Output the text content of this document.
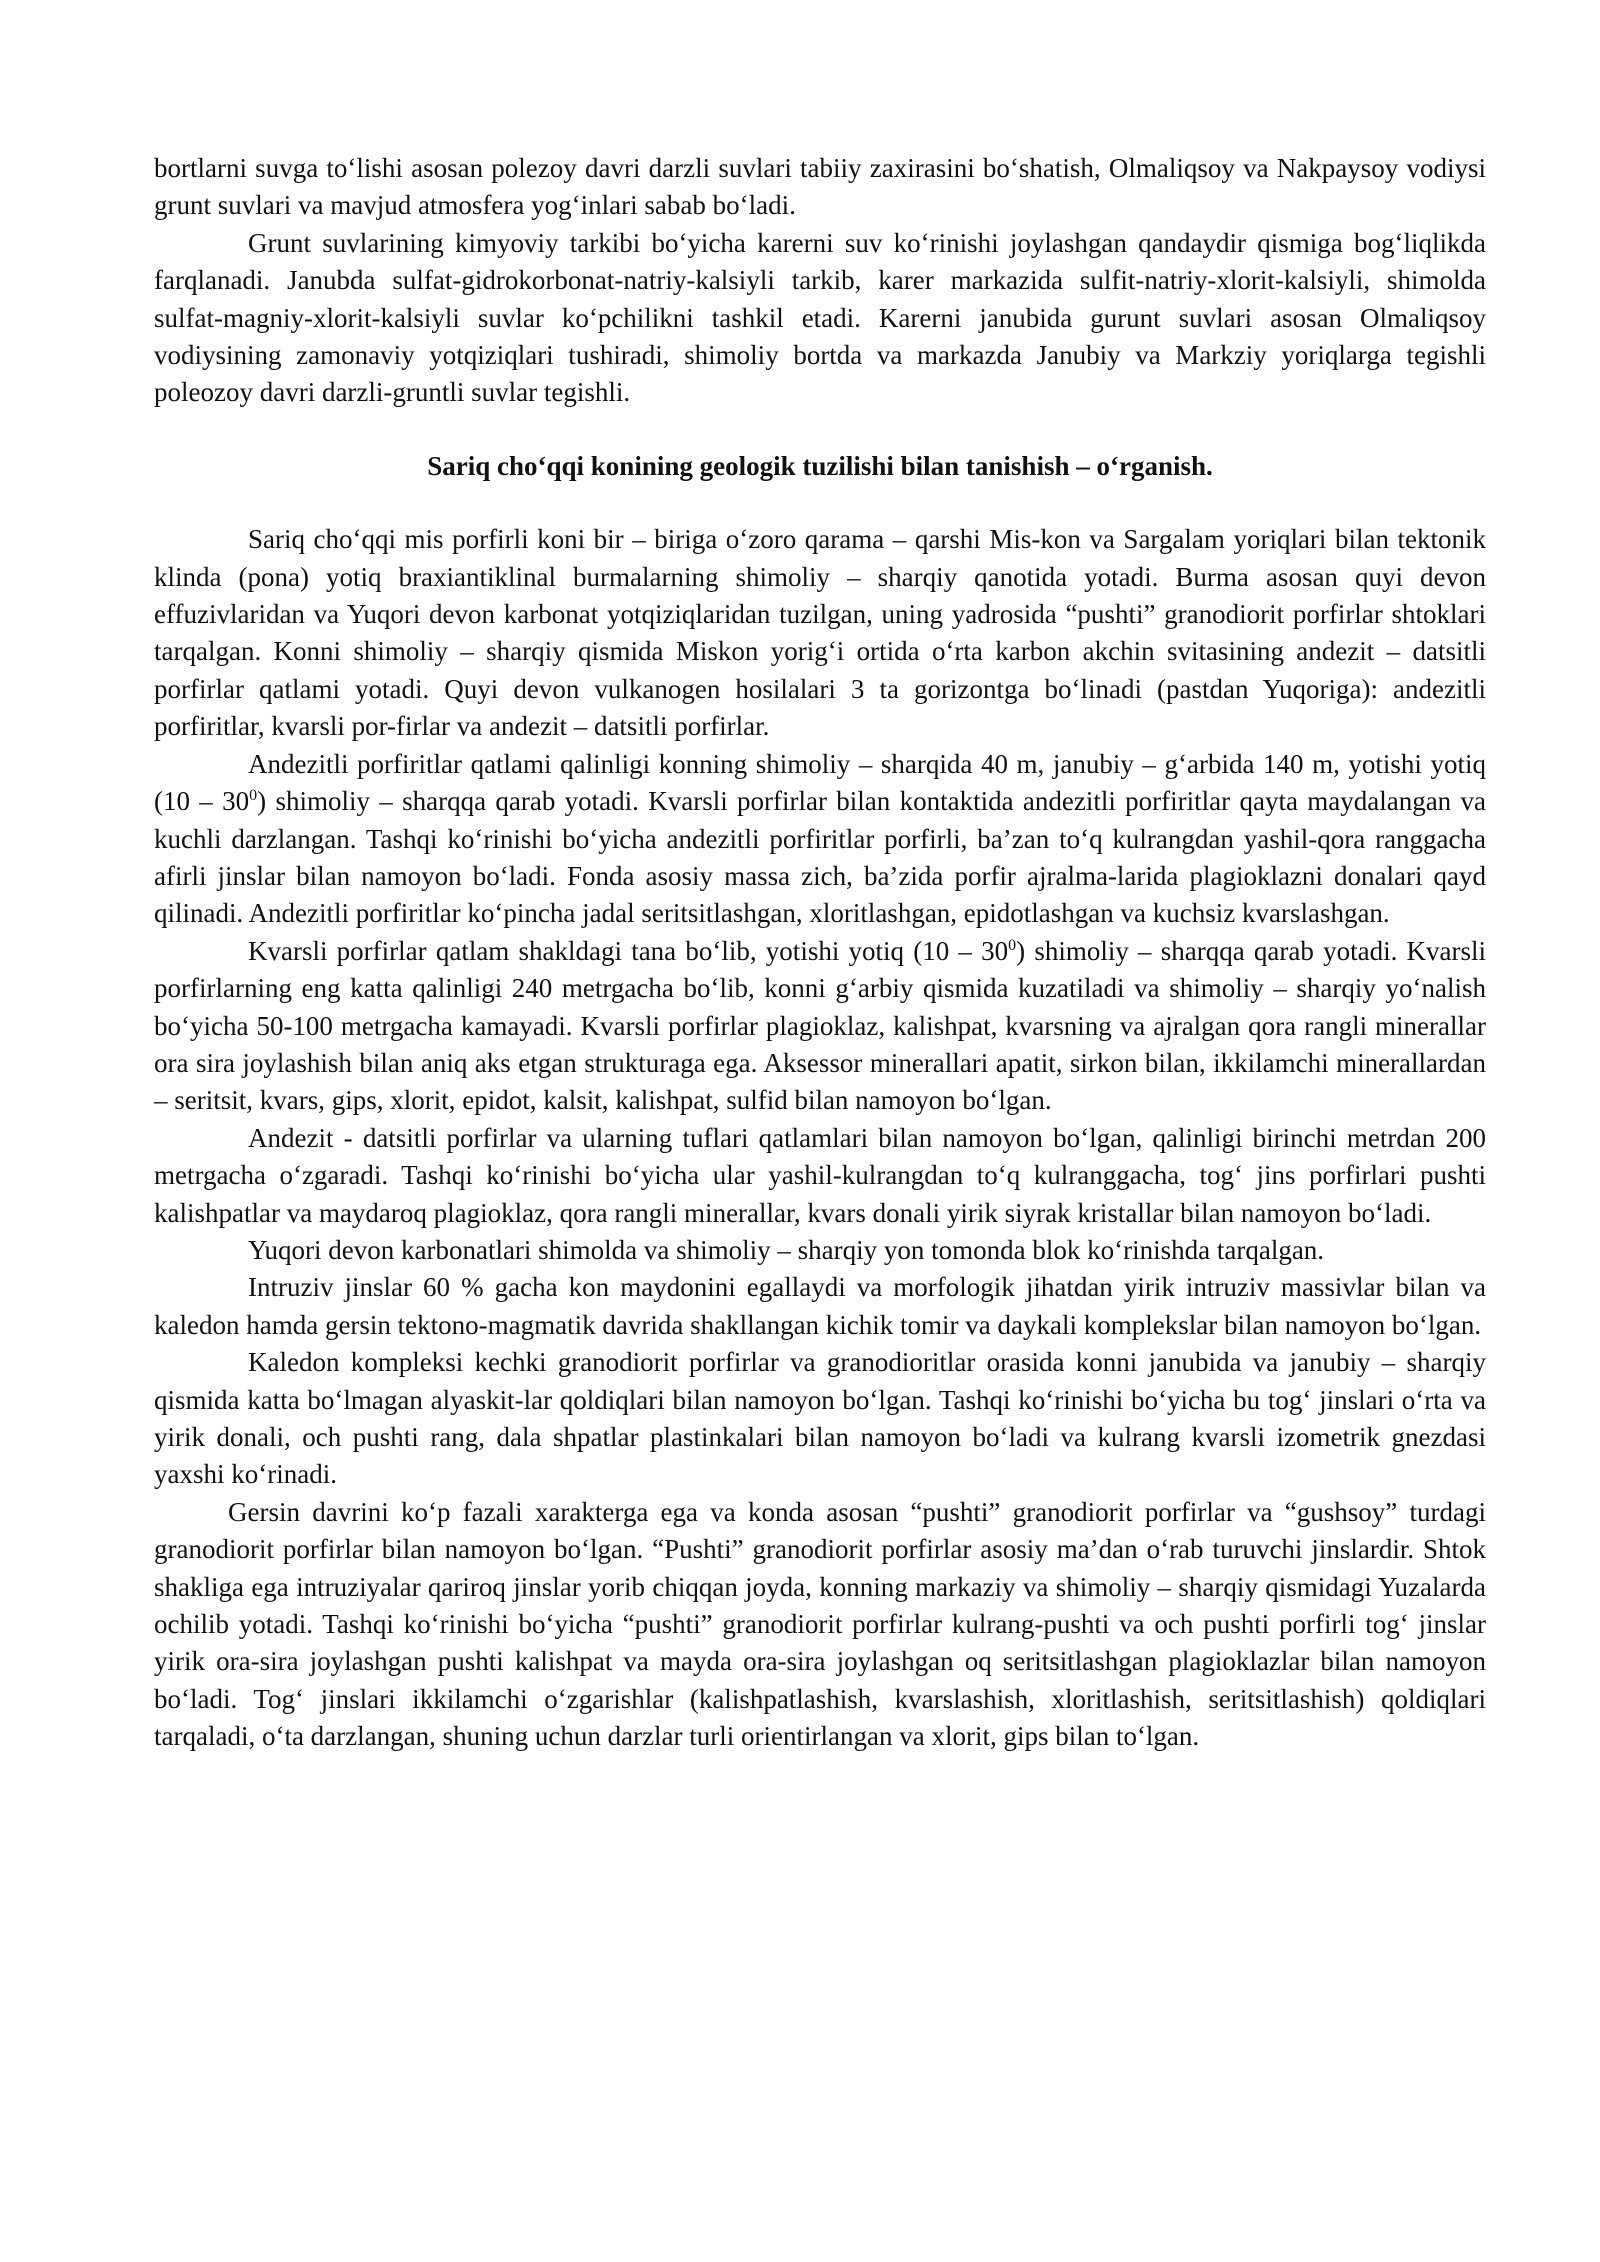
bortlarni suvga to‘lishi asosan polezoy davri darzli suvlari tabiiy zaxirasini bo‘shatish, Olmaliqsoy va Nakpaysoy vodiysi grunt suvlari va mavjud atmosfera yog‘inlari sabab bo‘ladi.

Grunt suvlarining kimyoviy tarkibi bo‘yicha karerni suv ko‘rinishi joylashgan qandaydir qismiga bog‘liqlikda farqlanadi. Janubda sulfat-gidrokorbonat-natriy-kalsiyli tarkib, karer markazida sulfit-natriy-xlorit-kalsiyli, shimolda sulfat-magniy-xlorit-kalsiyli suvlar ko‘pchilikni tashkil etadi. Karerni janubida gurunt suvlari asosan Olmaliqsoy vodiysining zamonaviy yotqiziqlari tushiradi, shimoliy bortda va markazda Janubiy va Markziy yoriqlarga tegishli poleozoy davri darzli-gruntli suvlar tegishli.

Sariq cho‘qqi konining geologik tuzilishi bilan tanishish – o‘rganish.

Sariq cho‘qqi mis porfirli koni bir – biriga o‘zoro qarama – qarshi Mis-kon va Sargalam yoriqlari bilan tektonik klinda (pona) yotiq braxiantiklinal burmalarning shimoliy – sharqiy qanotida yotadi. Burma asosan quyi devon effuzivlaridan va Yuqori devon karbonat yotqiziqlaridan tuzilgan, uning yadrosida “pushti” granodiorit porfirlar shtoklari tarqalgan. Konni shimoliy – sharqiy qismida Miskon yorig‘i ortida o‘rta karbon akchin svitasining andezit – datsitli porfirlar qatlami yotadi. Quyi devon vulkanogen hosilalari 3 ta gorizontga bo‘linadi (pastdan Yuqoriga): andezitli porfiritlar, kvarsli por-firlar va andezit – datsitli porfirlar.

Andezitli porfiritlar qatlami qalinligi konning shimoliy – sharqida 40 m, janubiy – g‘arbida 140 m, yotishi yotiq $(10 - 30^0)$ shimoliy – sharqqa qarab yotadi. Kvarsli porfirlar bilan kontaktida andezitli porfiritlar qayta maydalangan va kuchli darzlangan. Tashqi ko‘rinishi bo‘yicha andezitli porfiritlar porfirli, ba’zan to‘q kulrangdan yashil-qora ranggacha afirli jinslar bilan namoyon bo‘ladi. Fonda asosiy massa zich, ba’zida porfir ajralma-larida plagioklazni donalari qayd qilinadi. Andezitli porfiritlar ko‘pincha jadal seritsitlashgan, xloritlashgan, epidotlashgan va kuchsiz kvarslashgan.

Kvarsli porfirlar qatlam shakldagi tana bo‘lib, yotishi yotiq $(10 - 30^0)$ shimoliy – sharqqa qarab yotadi. Kvarsli porfirlarning eng katta qalinligi 240 metrgacha bo‘lib, konni g‘arbiy qismida kuzatiladi va shimoliy – sharqiy yo‘nalish bo‘yicha 50-100 metrgacha kamayadi. Kvarsli porfirlar plagioklaz, kalishpat, kvarsning va ajralgan qora rangli minerallar ora sira joylashish bilan aniq aks etgan strukturaga ega. Aksessor minerallari apatit, sirkon bilan, ikkilamchi minerallardan – seritsit, kvars, gips, xlorit, epidot, kalsit, kalishpat, sulfid bilan namoyon bo‘lgan.

Andezit - datsitli porfirlar va ularning tuflari qatlamlari bilan namoyon bo‘lgan, qalinligi birinchi metrdan 200 metrgacha o‘zgaradi. Tashqi ko‘rinishi bo‘yicha ular yashil-kulrangdan to‘q kulranggacha, tog‘ jins porfirlari pushti kalishpatlar va maydaroq plagioklaz, qora rangli minerallar, kvars donali yirik siyrak kristallar bilan namoyon bo‘ladi.

Yuqori devon karbonatlari shimolda va shimoliy – sharqiy yon tomonda blok ko‘rinishda tarqalgan.

Intruziv jinslar 60 % gacha kon maydonini egallaydi va morfologik jihatdan yirik intruziv massivlar bilan va kaledon hamda gersin tektono-magmatik davrida shakllangan kichik tomir va daykali komplekslar bilan namoyon bo‘lgan.

Kaledon kompleksi kechki granodiorit porfirlar va granodioritlar orasida konni janubida va janubiy – sharqiy qismida katta bo‘lmagan alyaskit-lar qoldiqlari bilan namoyon bo‘lgan. Tashqi ko‘rinishi bo‘yicha bu tog‘ jinslari o‘rta va yirik donali, och pushti rang, dala shpatlar plastinkalari bilan namoyon bo‘ladi va kulrang kvarsli izometrik gnezdasi yaxshi ko‘rinadi.

Gersin davrini ko‘p fazali xarakterga ega va konda asosan “pushti” granodiorit porfirlar va “gushsoy” turdagi granodiorit porfirlar bilan namoyon bo‘lgan. “Pushti” granodiorit porfirlar asosiy ma’dan o‘rab turuvchi jinslardir. Shtok shakliga ega intruziyalar qariroq jinslar yorib chiqqan joyda, konning markaziy va shimoliy – sharqiy qismidagi Yuzalarda ochilib yotadi. Tashqi ko‘rinishi bo‘yicha “pushti” granodiorit porfirlar kulrang-pushti va och pushti porfirli tog‘ jinslar yirik ora-sira joylashgan pushti kalishpat va mayda ora-sira joylashgan oq seritsitlashgan plagioklazlar bilan namoyon bo‘ladi. Tog‘ jinslari ikkilamchi o‘zgarishlar (kalishpatlashish, kvarslashish, xloritlashish, seritsitlashish) qoldiqlari tarqaladi, o‘ta darzlangan, shuning uchun darzlar turli orientirlangan va xlorit, gips bilan to‘lgan.
